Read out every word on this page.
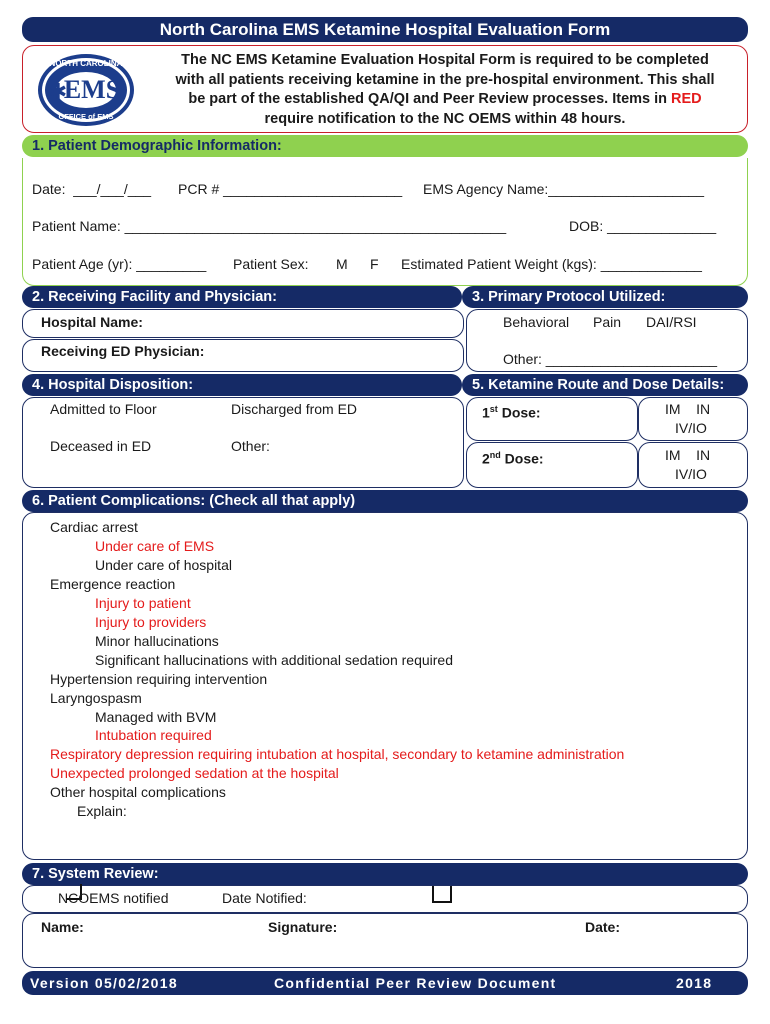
North Carolina EMS Ketamine Hospital Evaluation Form
NORTH CAROLINA
EMS
✱
OFFICE of EMS
The NC EMS Ketamine Evaluation Hospital Form is required to be completed
with all patients receiving ketamine in the pre-hospital environment. This shall
be part of the established QA/QI and Peer Review processes. Items in RED
require notification to the NC OEMS within 48 hours.
1. Patient Demographic Information:
Date:  ___/___/___ PCR # _______________________ EMS Agency Name:____________________
Patient Name: _________________________________________________	DOB: ______________
Patient Age (yr): _________ Patient Sex: M F Estimated Patient Weight (kgs): _____________
2. Receiving Facility and Physician:
Hospital Name:
Receiving ED Physician:
3. Primary Protocol Utilized:
Behavioral Pain DAI/RSI
Other: ______________________
4. Hospital Disposition:
Admitted to Floor	Discharged from ED
Deceased in ED	Other:
5. Ketamine Route and Dose Details:
1st Dose:	IM    IN
IV/IO
2nd Dose:	IM    IN
IV/IO
6. Patient Complications: (Check all that apply)
Cardiac arrest
Under care of EMS
Under care of hospital
Emergence reaction
Injury to patient
Injury to providers
Minor hallucinations
Significant hallucinations with additional sedation required
Hypertension requiring intervention
Laryngospasm
Managed with BVM
Intubation required
Respiratory depression requiring intubation at hospital, secondary to ketamine administration
Unexpected prolonged sedation at the hospital
Other hospital complications
Explain:
7. System Review:
NCOEMS notified	Date Notified:
Name:	Signature:	Date:
Version 05/02/2018	Confidential Peer Review Document	2018
